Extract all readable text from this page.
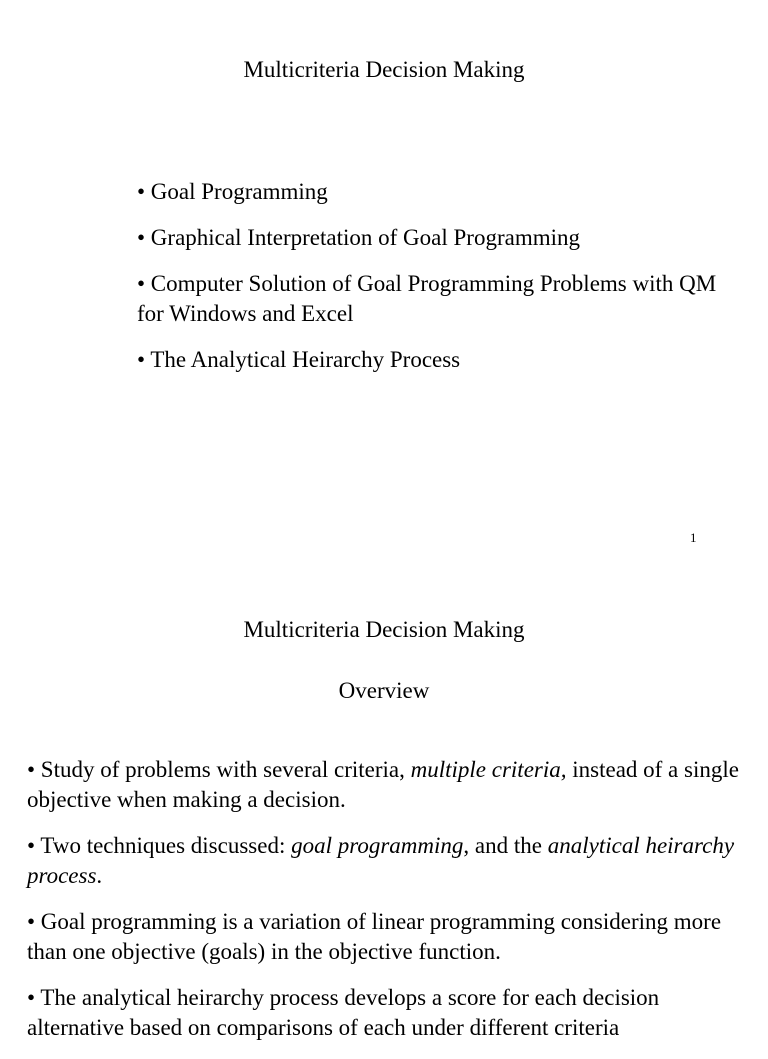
Multicriteria Decision Making
• Goal Programming
• Graphical Interpretation of Goal Programming
• Computer Solution of Goal Programming Problems with QM for Windows and Excel
• The Analytical Heirarchy Process
1
Multicriteria Decision Making
Overview
• Study of problems with several criteria, multiple criteria, instead of a single objective when making a decision.
• Two techniques discussed: goal programming, and the analytical heirarchy process.
• Goal programming is a variation of linear programming considering more than one objective (goals) in the objective function.
• The analytical heirarchy process develops a score for each decision alternative based on comparisons of each under different criteria
